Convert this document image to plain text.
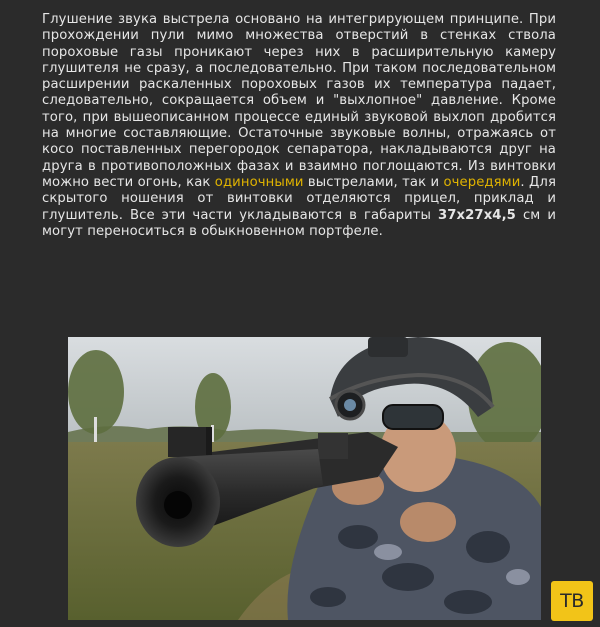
Глушение звука выстрела основано на интегрирующем принципе. При прохождении пули мимо множества отверстий в стенках ствола пороховые газы проникают через них в расширительную камеру глушителя не сразу, а последовательно. При таком последовательном расширении раскаленных пороховых газов их температура падает, следовательно, сокращается объем и "выхлопное" давление. Кроме того, при вышеописанном процессе единый звуковой выхлоп дробится на многие составляющие. Остаточные звуковые волны, отражаясь от косо поставленных перегородок сепаратора, накладываются друг на друга в противоположных фазах и взаимно поглощаются. Из винтовки можно вести огонь, как одиночными выстрелами, так и очередями. Для скрытого ношения от винтовки отделяются прицел, приклад и глушитель. Все эти части укладываются в габариты 37х27х4,5 см и могут переноситься в обыкновенном портфеле.
ТВ
